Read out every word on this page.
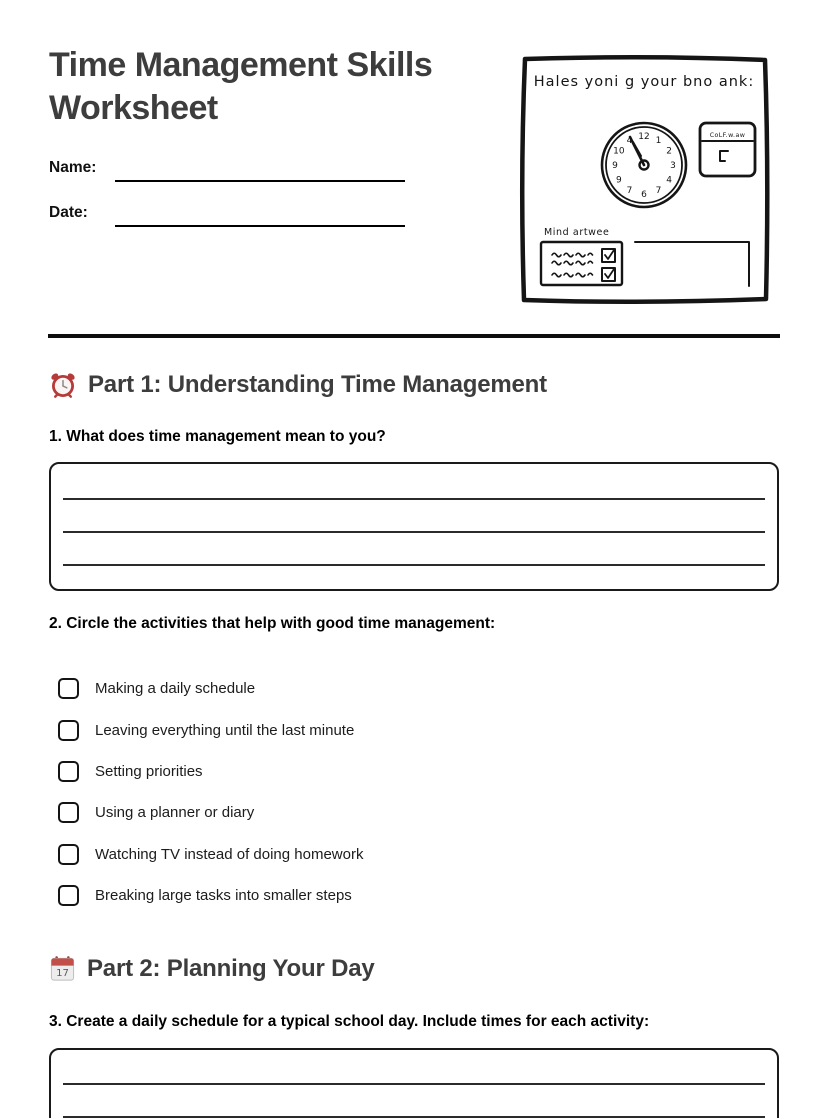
Time Management Skills Worksheet
Name:
Date:
Hales yoni g your bno ank:
12 1
2
3
4
7
6
7
9
9
10
4
CoLF.w.aw
Mind artwee
Part 1: Understanding Time Management
1. What does time management mean to you?
2. Circle the activities that help with good time management:
Making a daily schedule
Leaving everything until the last minute
Setting priorities
Using a planner or diary
Watching TV instead of doing homework
Breaking large tasks into smaller steps
17 Part 2: Planning Your Day
3. Create a daily schedule for a typical school day. Include times for each activity:
